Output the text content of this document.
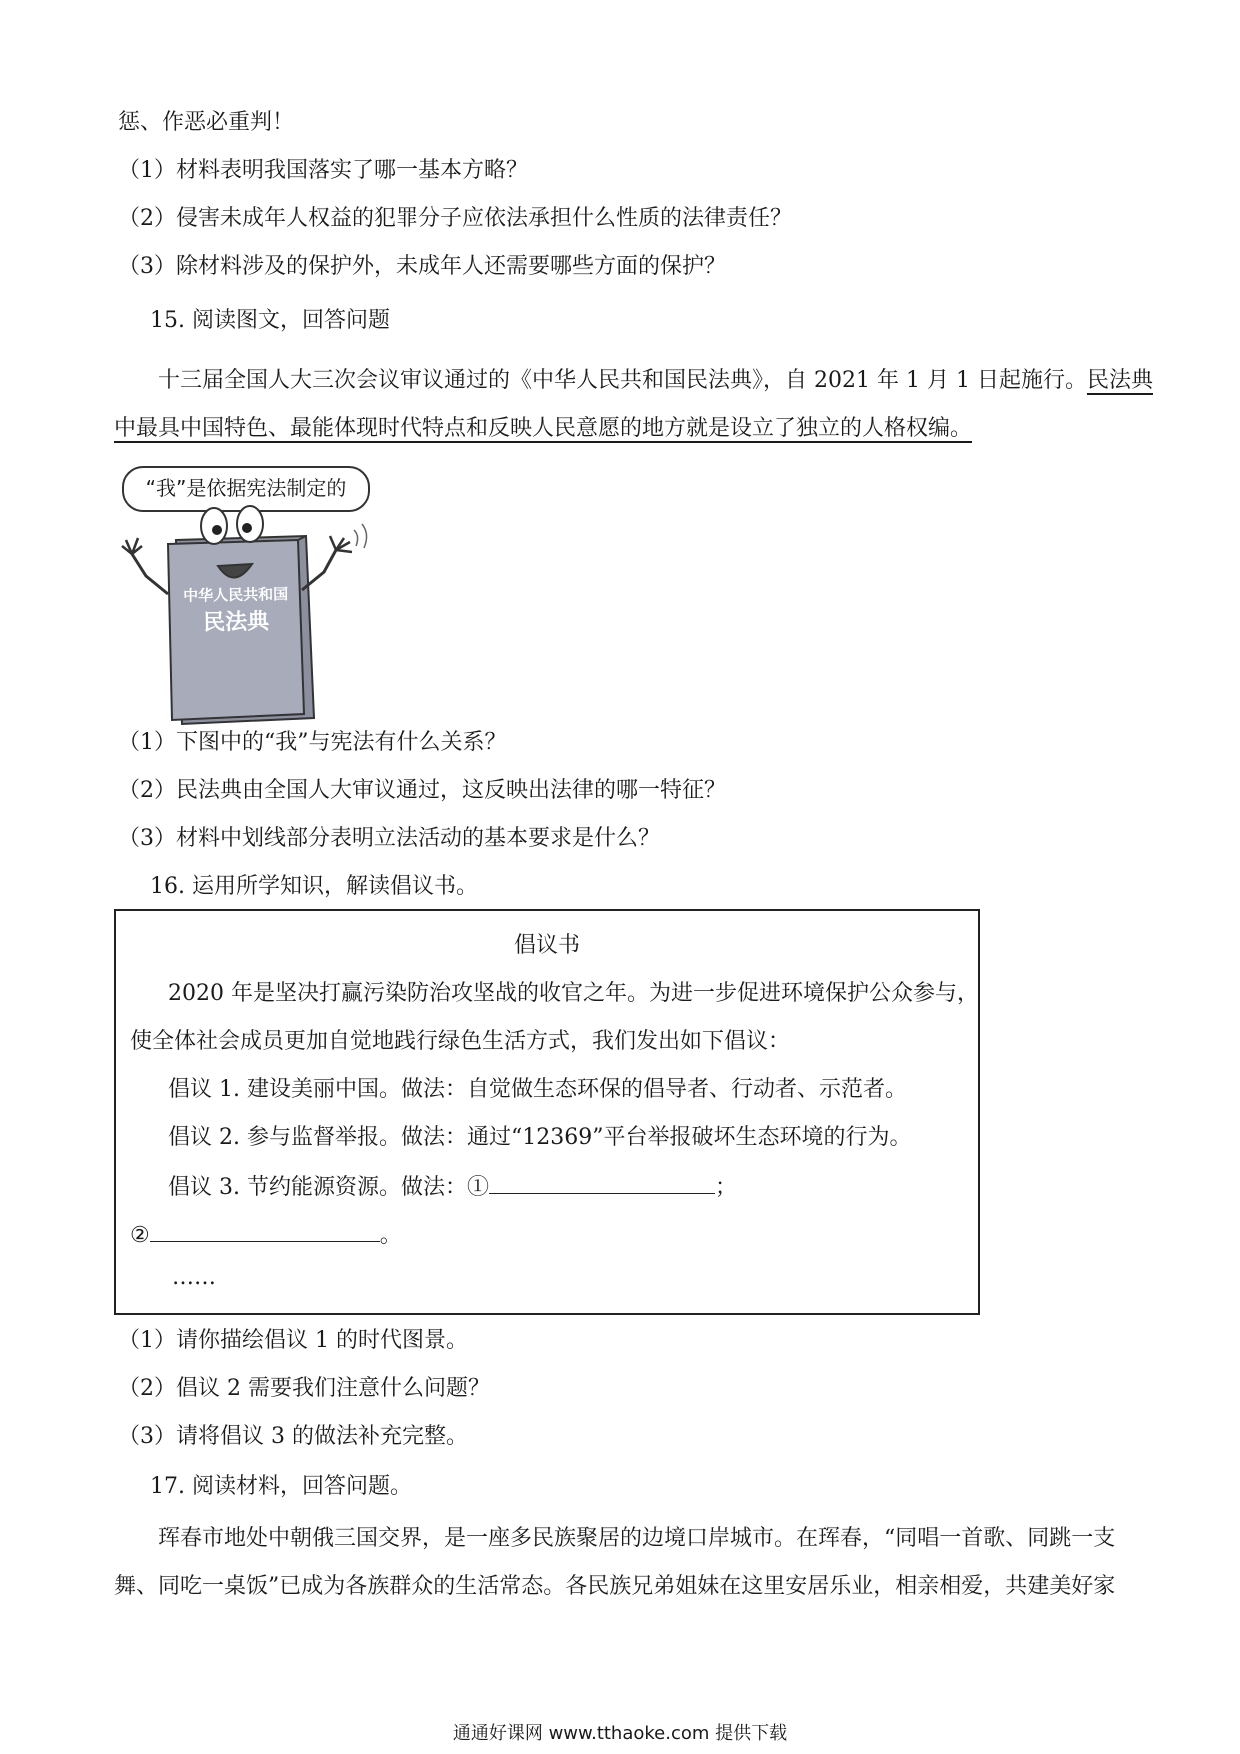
惩、作恶必重判！
（1）材料表明我国落实了哪一基本方略？
（2）侵害未成年人权益的犯罪分子应依法承担什么性质的法律责任？
（3）除材料涉及的保护外，未成年人还需要哪些方面的保护？
15. 阅读图文，回答问题
十三届全国人大三次会议审议通过的《中华人民共和国民法典》，自 2021 年 1 月 1 日起施行。民法典
中最具中国特色、最能体现时代特点和反映人民意愿的地方就是设立了独立的人格权编。
“我”是依据宪法制定的
中华人民共和国
民法典
（1）下图中的“我”与宪法有什么关系？
（2）民法典由全国人大审议通过，这反映出法律的哪一特征？
（3）材料中划线部分表明立法活动的基本要求是什么？
16. 运用所学知识，解读倡议书。
倡议书
2020 年是坚决打赢污染防治攻坚战的收官之年。为进一步促进环境保护公众参与，
使全体社会成员更加自觉地践行绿色生活方式，我们发出如下倡议：
倡议 1. 建设美丽中国。做法：自觉做生态环保的倡导者、行动者、示范者。
倡议 2. 参与监督举报。做法：通过“12369”平台举报破坏生态环境的行为。
倡议 3. 节约能源资源。做法：①	；
②	。
……
（1）请你描绘倡议 1 的时代图景。
（2）倡议 2 需要我们注意什么问题？
（3）请将倡议 3 的做法补充完整。
17. 阅读材料，回答问题。
珲春市地处中朝俄三国交界，是一座多民族聚居的边境口岸城市。在珲春，“同唱一首歌、同跳一支
舞、同吃一桌饭”已成为各族群众的生活常态。各民族兄弟姐妹在这里安居乐业，相亲相爱，共建美好家
通通好课网 www.tthaoke.com 提供下载
